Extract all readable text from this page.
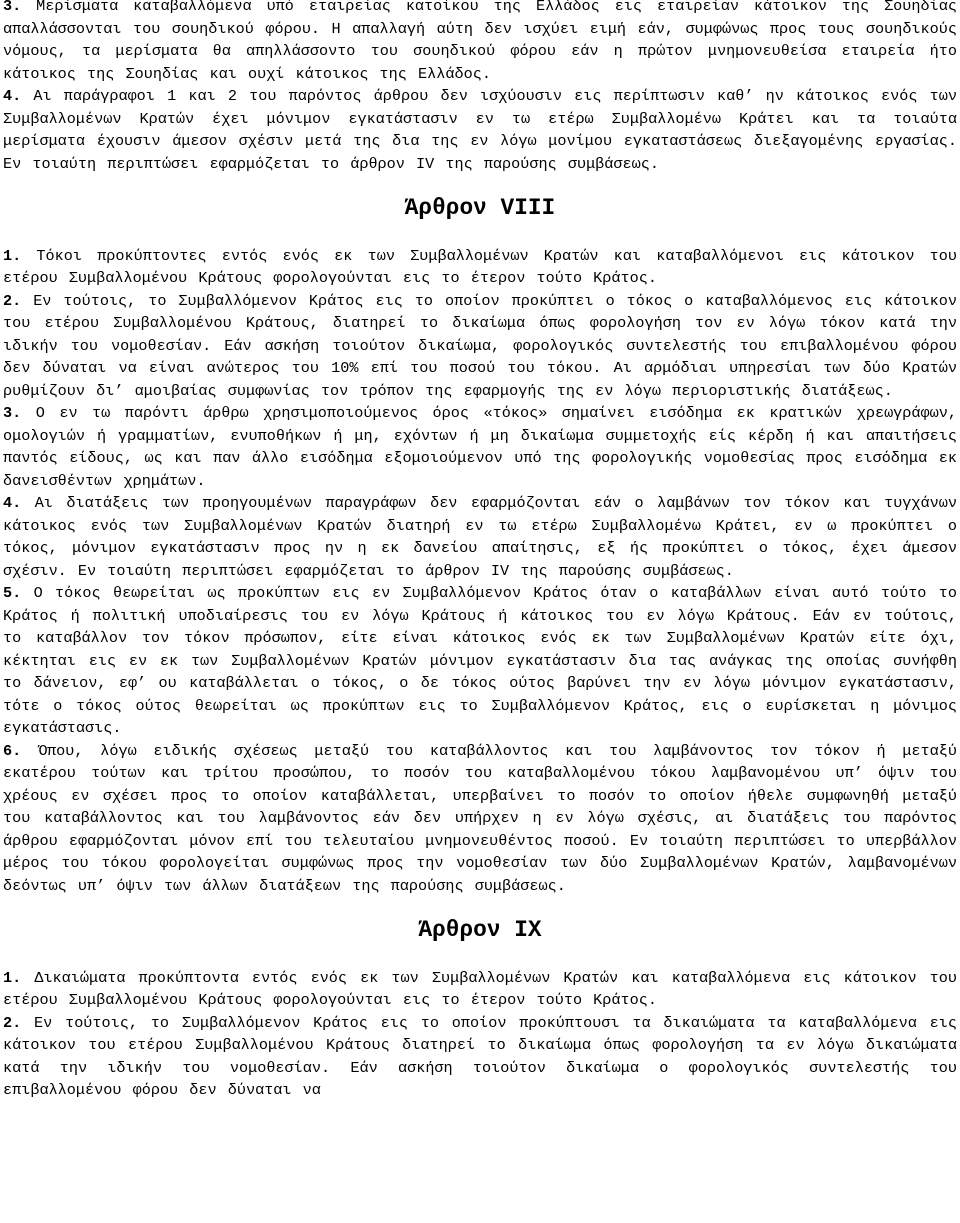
3. Μερίσματα καταβαλλόμενα υπό εταιρείας κατοίκου της Ελλάδος εις εταιρείαν κάτοικον της Σουηδίας απαλλάσσονται του σουηδικού φόρου. Η απαλλαγή αύτη δεν ισχύει ειμή εάν, συμφώνως προς τους σουηδικούς νόμους, τα μερίσματα θα απηλλάσσοντο του σουηδικού φόρου εάν η πρώτον μνημονευθείσα εταιρεία ήτο κάτοικος της Σουηδίας και ουχί κάτοικος της Ελλάδος.

4. Αι παράγραφοι 1 και 2 του παρόντος άρθρου δεν ισχύουσιν εις περίπτωσιν καθ’ ην κάτοικος ενός των Συμβαλλομένων Κρατών έχει μόνιμον εγκατάστασιν εν τω ετέρω Συμβαλλομένω Κράτει και τα τοιαύτα μερίσματα έχουσιν άμεσον σχέσιν μετά της δια της εν λόγω μονίμου εγκαταστάσεως διεξαγομένης εργασίας. Εν τοιαύτη περιπτώσει εφαρμόζεται το άρθρον IV της παρούσης συμβάσεως.

Άρθρον VIII

1. Τόκοι προκύπτοντες εντός ενός εκ των Συμβαλλομένων Κρατών και καταβαλλόμενοι εις κάτοικον του ετέρου Συμβαλλομένου Κράτους φορολογούνται εις το έτερον τούτο Κράτος.

2. Εν τούτοις, το Συμβαλλόμενον Κράτος εις το οποίον προκύπτει ο τόκος ο καταβαλλόμενος εις κάτοικον του ετέρου Συμβαλλομένου Κράτους, διατηρεί το δικαίωμα όπως φορολογήση τον εν λόγω τόκον κατά την ιδικήν του νομοθεσίαν. Εάν ασκήση τοιούτον δικαίωμα, φορολογικός συντελεστής του επιβαλλομένου φόρου δεν δύναται να είναι ανώτερος του 10% επί του ποσού του τόκου. Αι αρμόδιαι υπηρεσίαι των δύο Κρατών ρυθμίζουν δι’ αμοιβαίας συμφωνίας τον τρόπον της εφαρμογής της εν λόγω περιοριστικής διατάξεως.

3. Ο εν τω παρόντι άρθρω χρησιμοποιούμενος όρος «τόκος» σημαίνει εισόδημα εκ κρατικών χρεωγράφων, ομολογιών ή γραμματίων, ενυποθήκων ή μη, εχόντων ή μη δικαίωμα συμμετοχής είς κέρδη ή και απαιτήσεις παντός είδους, ως και παν άλλο εισόδημα εξομοιούμενον υπό της φορολογικής νομοθεσίας προς εισόδημα εκ δανεισθέντων χρημάτων.

4. Αι διατάξεις των προηγουμένων παραγράφων δεν εφαρμόζονται εάν ο λαμβάνων τον τόκον και τυγχάνων κάτοικος ενός των Συμβαλλομένων Κρατών διατηρή εν τω ετέρω Συμβαλλομένω Κράτει, εν ω προκύπτει ο τόκος, μόνιμον εγκατάστασιν προς ην η εκ δανείου απαίτησις, εξ ής προκύπτει ο τόκος, έχει άμεσον σχέσιν. Εν τοιαύτη περιπτώσει εφαρμόζεται το άρθρον IV της παρούσης συμβάσεως.

5. Ο τόκος θεωρείται ως προκύπτων εις εν Συμβαλλόμενον Κράτος όταν ο καταβάλλων είναι αυτό τούτο το Κράτος ή πολιτική υποδιαίρεσις του εν λόγω Κράτους ή κάτοικος του εν λόγω Κράτους. Εάν εν τούτοις, το καταβάλλον τον τόκον πρόσωπον, είτε είναι κάτοικος ενός εκ των Συμβαλλομένων Κρατών είτε όχι, κέκτηται εις εν εκ των Συμβαλλομένων Κρατών μόνιμον εγκατάστασιν δια τας ανάγκας της οποίας συνήφθη το δάνειον, εφ’ ου καταβάλλεται ο τόκος, ο δε τόκος ούτος βαρύνει την εν λόγω μόνιμον εγκατάστασιν, τότε ο τόκος ούτος θεωρείται ως προκύπτων εις το Συμβαλλόμενον Κράτος, εις ο ευρίσκεται η μόνιμος εγκατάστασις.

6. Όπου, λόγω ειδικής σχέσεως μεταξύ του καταβάλλοντος και του λαμβάνοντος τον τόκον ή μεταξύ εκατέρου τούτων και τρίτου προσώπου, το ποσόν του καταβαλλομένου τόκου λαμβανομένου υπ’ όψιν του χρέους εν σχέσει προς το οποίον καταβάλλεται, υπερβαίνει το ποσόν το οποίον ήθελε συμφωνηθή μεταξύ του καταβάλλοντος και του λαμβάνοντος εάν δεν υπήρχεν η εν λόγω σχέσις, αι διατάξεις του παρόντος άρθρου εφαρμόζονται μόνον επί του τελευταίου μνημονευθέντος ποσού. Εν τοιαύτη περιπτώσει το υπερβάλλον μέρος του τόκου φορολογείται συμφώνως προς την νομοθεσίαν των δύο Συμβαλλομένων Κρατών, λαμβανομένων δεόντως υπ’ όψιν των άλλων διατάξεων της παρούσης συμβάσεως.

Άρθρον IX

1. Δικαιώματα προκύπτοντα εντός ενός εκ των Συμβαλλομένων Κρατών και καταβαλλόμενα εις κάτοικον του ετέρου Συμβαλλομένου Κράτους φορολογούνται εις το έτερον τούτο Κράτος.

2. Εν τούτοις, το Συμβαλλόμενον Κράτος εις το οποίον προκύπτουσι τα δικαιώματα τα καταβαλλόμενα εις κάτοικον του ετέρου Συμβαλλομένου Κράτους διατηρεί το δικαίωμα όπως φορολογήση τα εν λόγω δικαιώματα κατά την ιδικήν του νομοθεσίαν. Εάν ασκήση τοιούτον δικαίωμα ο φορολογικός συντελεστής του επιβαλλομένου φόρου δεν δύναται να
